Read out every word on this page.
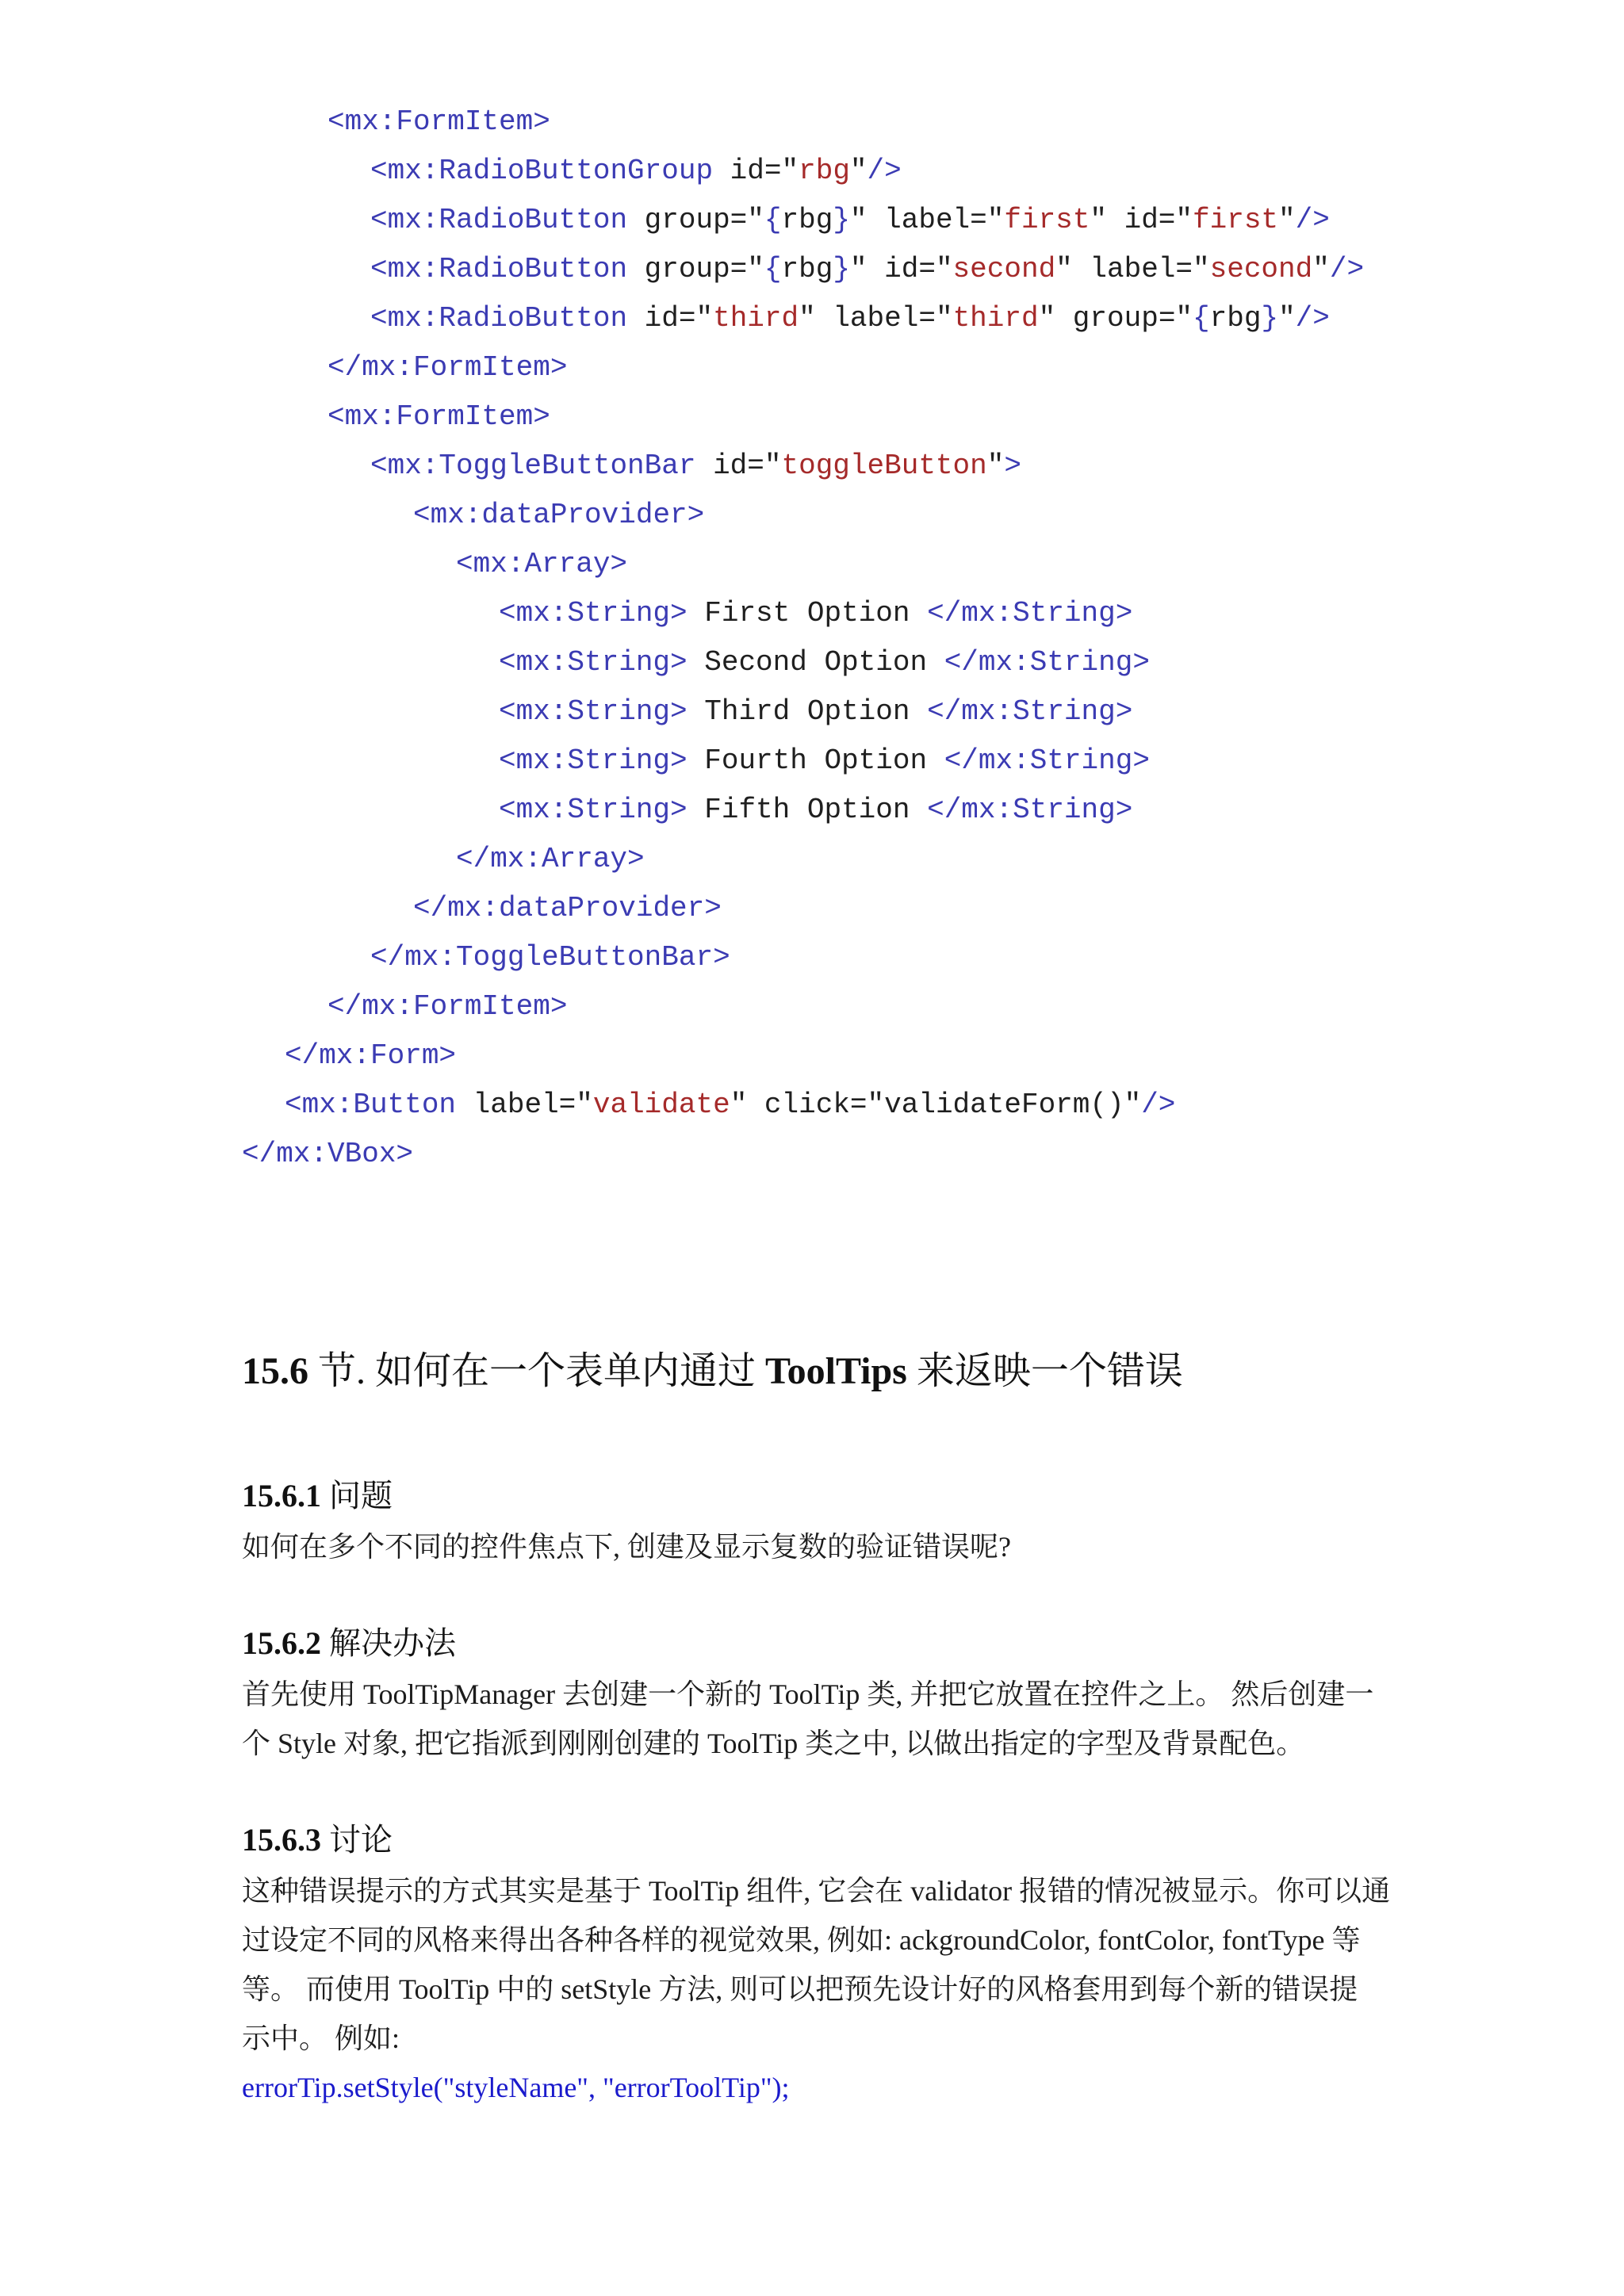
<mx:FormItem>
<mx:RadioButtonGroup id="rbg"/>
<mx:RadioButton group="{rbg}" label="first" id="first"/>
<mx:RadioButton group="{rbg}" id="second" label="second"/>
<mx:RadioButton id="third" label="third" group="{rbg}"/>
</mx:FormItem>
<mx:FormItem>
<mx:ToggleButtonBar id="toggleButton">
<mx:dataProvider>
<mx:Array>
<mx:String> First Option </mx:String>
<mx:String> Second Option </mx:String>
<mx:String> Third Option </mx:String>
<mx:String> Fourth Option </mx:String>
<mx:String> Fifth Option </mx:String>
</mx:Array>
</mx:dataProvider>
</mx:ToggleButtonBar>
</mx:FormItem>
</mx:Form>
<mx:Button label="validate" click="validateForm()"/>
</mx:VBox>
15.6 节. 如何在一个表单内通过 ToolTips 来返映一个错误
15.6.1 问题
如何在多个不同的控件焦点下, 创建及显示复数的验证错误呢?
15.6.2 解决办法
首先使用 ToolTipManager 去创建一个新的 ToolTip 类, 并把它放置在控件之上。 然后创建一
个 Style 对象, 把它指派到刚刚创建的 ToolTip 类之中, 以做出指定的字型及背景配色。
15.6.3 讨论
这种错误提示的方式其实是基于 ToolTip 组件, 它会在 validator 报错的情况被显示。你可以通
过设定不同的风格来得出各种各样的视觉效果, 例如: ackgroundColor, fontColor, fontType 等
等。 而使用 ToolTip 中的 setStyle 方法, 则可以把预先设计好的风格套用到每个新的错误提
示中。 例如:
errorTip.setStyle("styleName", "errorToolTip");
